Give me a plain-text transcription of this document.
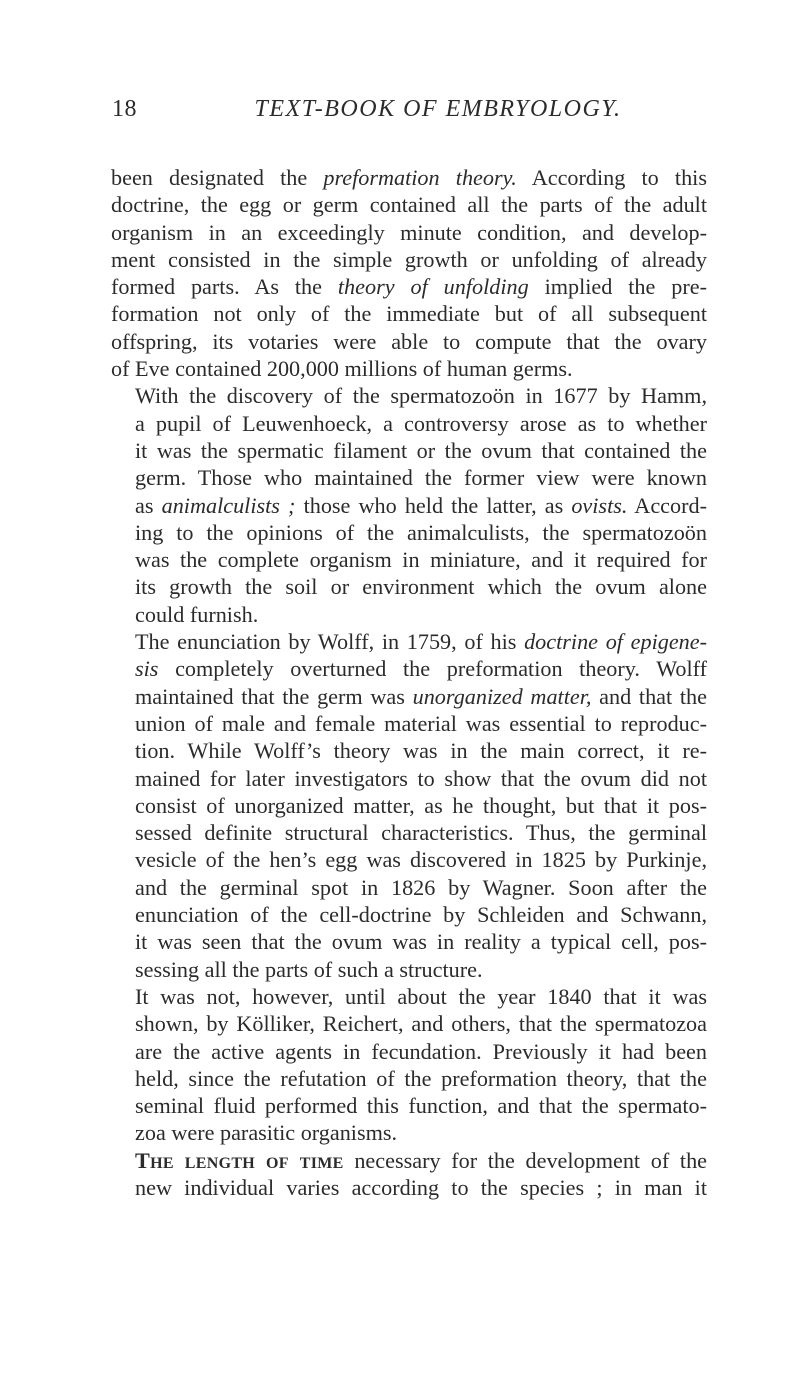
18	TEXT-BOOK OF EMBRYOLOGY.

been designated the preformation theory. According to this
doctrine, the egg or germ contained all the parts of the adult
organism in an exceedingly minute condition, and develop-
ment consisted in the simple growth or unfolding of already
formed parts. As the theory of unfolding implied the pre-
formation not only of the immediate but of all subsequent
offspring, its votaries were able to compute that the ovary
of Eve contained 200,000 millions of human germs.

With the discovery of the spermatozoön in 1677 by Hamm,
a pupil of Leuwenhoeck, a controversy arose as to whether
it was the spermatic filament or the ovum that contained the
germ. Those who maintained the former view were known
as animalculists ; those who held the latter, as ovists. Accord-
ing to the opinions of the animalculists, the spermatozoön
was the complete organism in miniature, and it required for
its growth the soil or environment which the ovum alone
could furnish.

The enunciation by Wolff, in 1759, of his doctrine of epigene-
sis completely overturned the preformation theory. Wolff
maintained that the germ was unorganized matter, and that the
union of male and female material was essential to reproduc-
tion. While Wolff’s theory was in the main correct, it re-
mained for later investigators to show that the ovum did not
consist of unorganized matter, as he thought, but that it pos-
sessed definite structural characteristics. Thus, the germinal
vesicle of the hen’s egg was discovered in 1825 by Purkinje,
and the germinal spot in 1826 by Wagner. Soon after the
enunciation of the cell-doctrine by Schleiden and Schwann,
it was seen that the ovum was in reality a typical cell, pos-
sessing all the parts of such a structure.

It was not, however, until about the year 1840 that it was
shown, by Kölliker, Reichert, and others, that the spermatozoa
are the active agents in fecundation. Previously it had been
held, since the refutation of the preformation theory, that the
seminal fluid performed this function, and that the spermato-
zoa were parasitic organisms.

The length of time necessary for the development of the
new individual varies according to the species ; in man it
